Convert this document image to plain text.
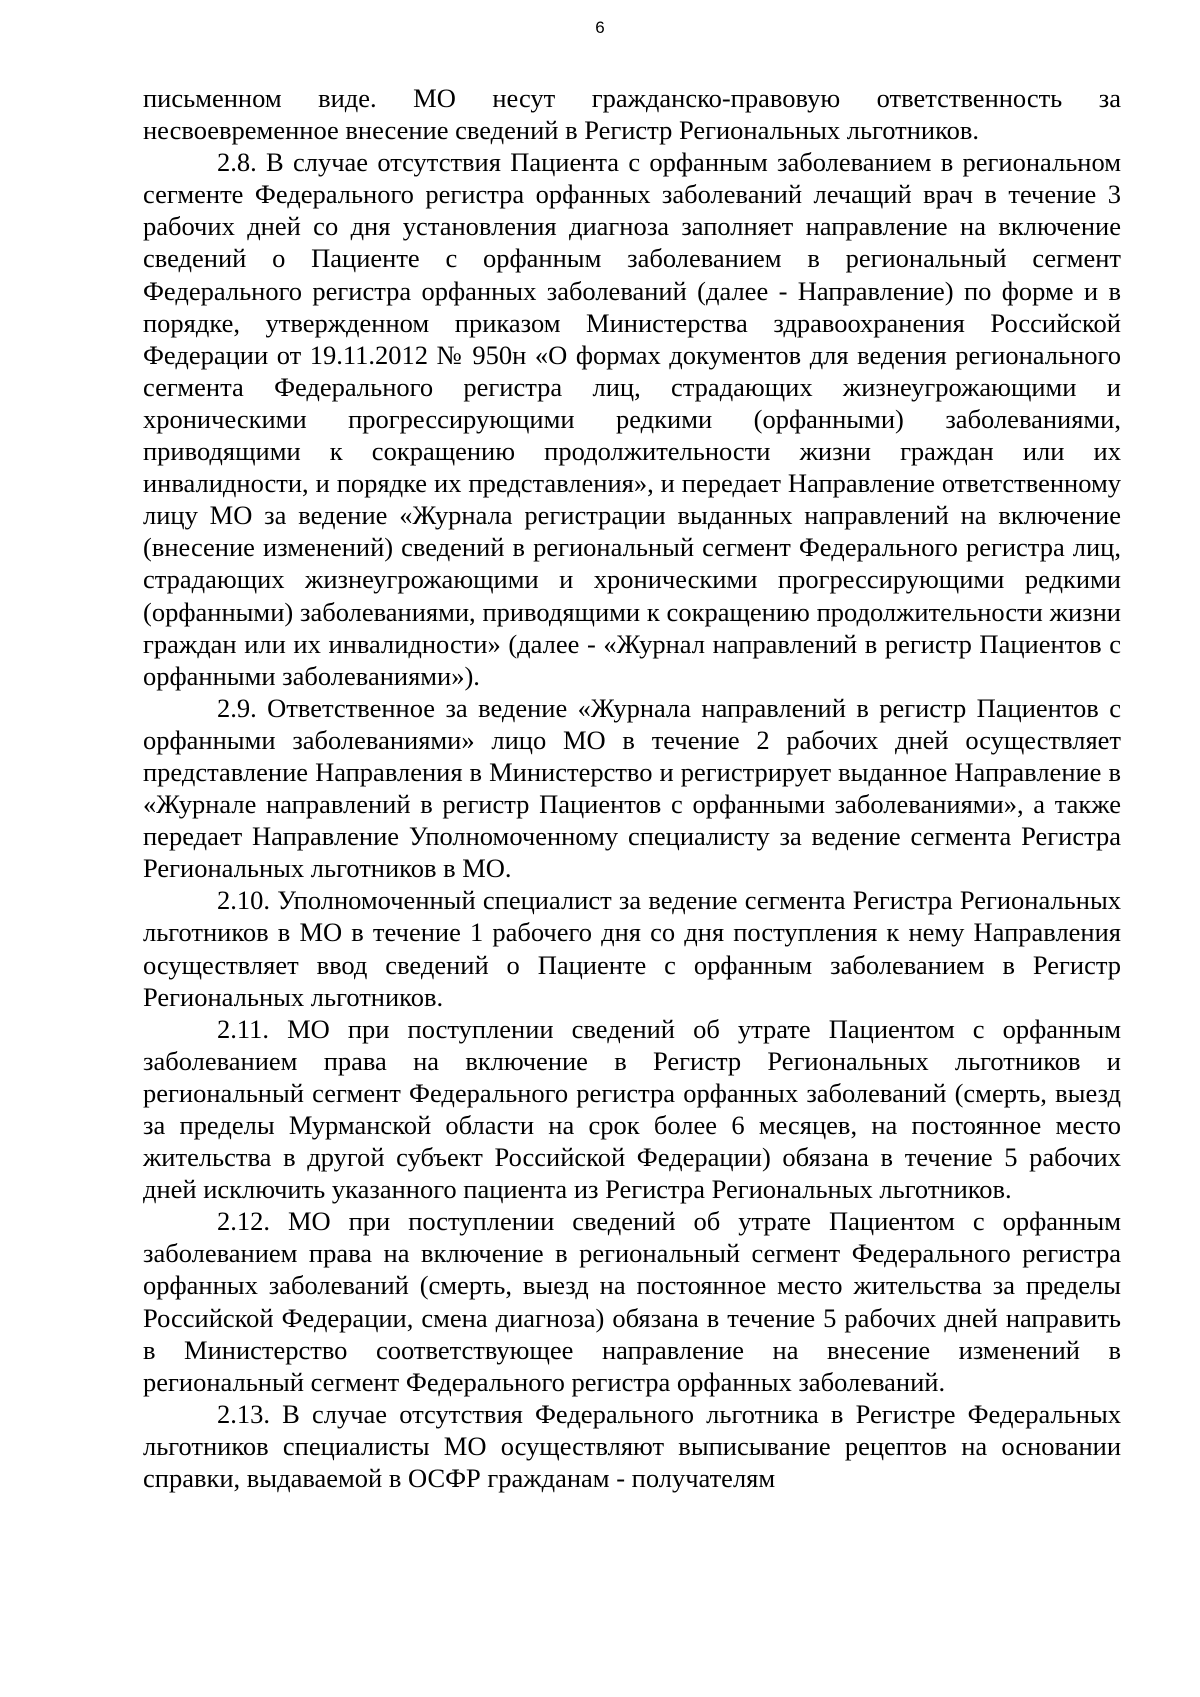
6

письменном виде. МО несут гражданско-правовую ответственность за несвоевременное внесение сведений в Регистр Региональных льготников.

2.8. В случае отсутствия Пациента с орфанным заболеванием в региональном сегменте Федерального регистра орфанных заболеваний лечащий врач в течение 3 рабочих дней со дня установления диагноза заполняет направление на включение сведений о Пациенте с орфанным заболеванием в региональный сегмент Федерального регистра орфанных заболеваний (далее - Направление) по форме и в порядке, утвержденном приказом Министерства здравоохранения Российской Федерации от 19.11.2012 № 950н «О формах документов для ведения регионального сегмента Федерального регистра лиц, страдающих жизнеугрожающими и хроническими прогрессирующими редкими (орфанными) заболеваниями, приводящими к сокращению продолжительности жизни граждан или их инвалидности, и порядке их представления», и передает Направление ответственному лицу МО за ведение «Журнала регистрации выданных направлений на включение (внесение изменений) сведений в региональный сегмент Федерального регистра лиц, страдающих жизнеугрожающими и хроническими прогрессирующими редкими (орфанными) заболеваниями, приводящими к сокращению продолжительности жизни граждан или их инвалидности» (далее - «Журнал направлений в регистр Пациентов с орфанными заболеваниями»).

2.9. Ответственное за ведение «Журнала направлений в регистр Пациентов с орфанными заболеваниями» лицо МО в течение 2 рабочих дней осуществляет представление Направления в Министерство и регистрирует выданное Направление в «Журнале направлений в регистр Пациентов с орфанными заболеваниями», а также передает Направление Уполномоченному специалисту за ведение сегмента Регистра Региональных льготников в МО.

2.10. Уполномоченный специалист за ведение сегмента Регистра Региональных льготников в МО в течение 1 рабочего дня со дня поступления к нему Направления осуществляет ввод сведений о Пациенте с орфанным заболеванием в Регистр Региональных льготников.

2.11. МО при поступлении сведений об утрате Пациентом с орфанным заболеванием права на включение в Регистр Региональных льготников и региональный сегмент Федерального регистра орфанных заболеваний (смерть, выезд за пределы Мурманской области на срок более 6 месяцев, на постоянное место жительства в другой субъект Российской Федерации) обязана в течение 5 рабочих дней исключить указанного пациента из Регистра Региональных льготников.

2.12. МО при поступлении сведений об утрате Пациентом с орфанным заболеванием права на включение в региональный сегмент Федерального регистра орфанных заболеваний (смерть, выезд на постоянное место жительства за пределы Российской Федерации, смена диагноза) обязана в течение 5 рабочих дней направить в Министерство соответствующее направление на внесение изменений в региональный сегмент Федерального регистра орфанных заболеваний.

2.13. В случае отсутствия Федерального льготника в Регистре Федеральных льготников специалисты МО осуществляют выписывание рецептов на основании справки, выдаваемой в ОСФР гражданам - получателям
